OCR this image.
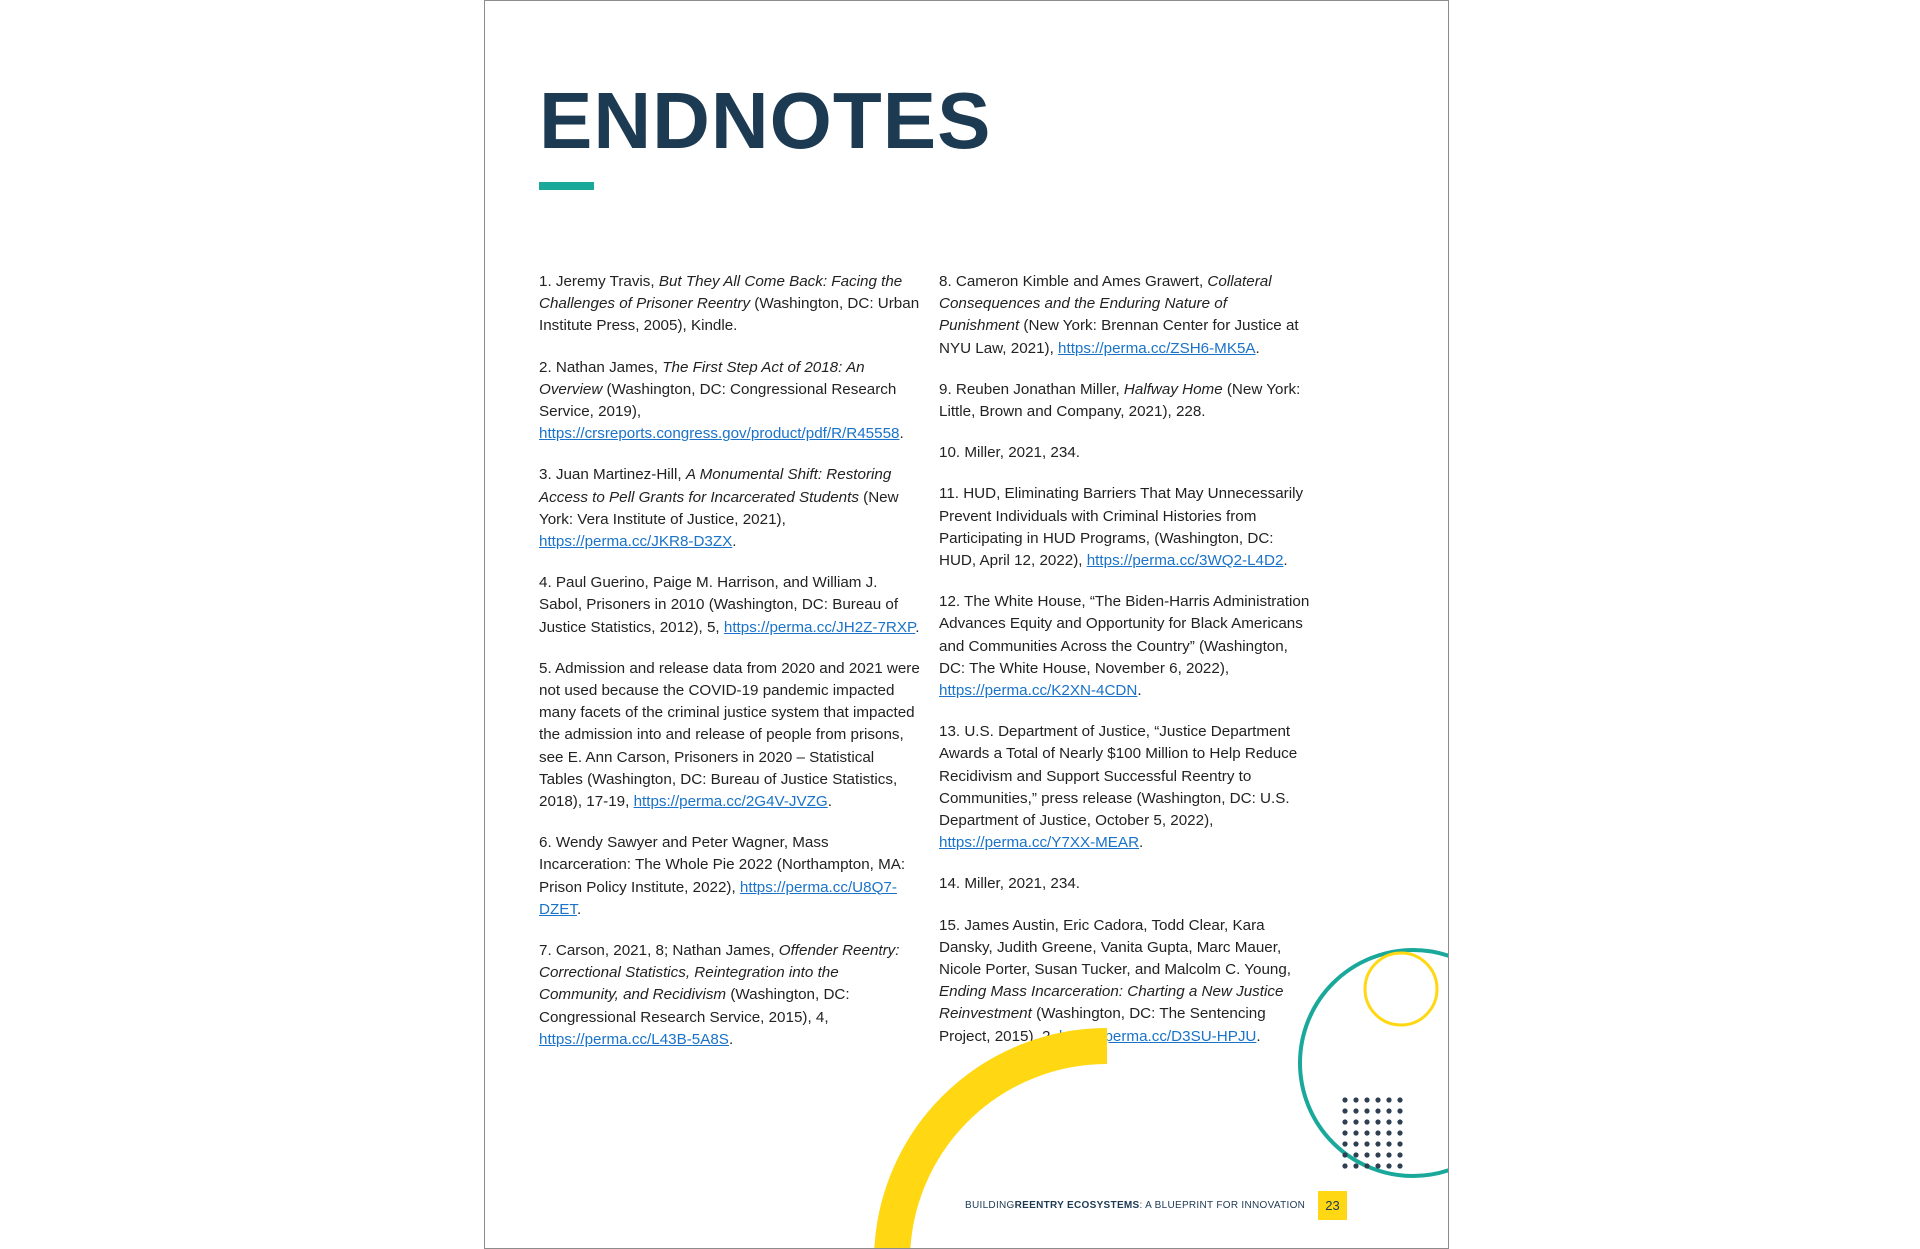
ENDNOTES

1. Jeremy Travis, But They All Come Back: Facing the Challenges of Prisoner Reentry (Washington, DC: Urban Institute Press, 2005), Kindle.

2. Nathan James, The First Step Act of 2018: An Overview (Washington, DC: Congressional Research Service, 2019), https://crsreports.congress.gov/product/pdf/R/R45558.

3. Juan Martinez-Hill, A Monumental Shift: Restoring Access to Pell Grants for Incarcerated Students (New York: Vera Institute of Justice, 2021), https://perma.cc/JKR8-D3ZX.

4. Paul Guerino, Paige M. Harrison, and William J. Sabol, Prisoners in 2010 (Washington, DC: Bureau of Justice Statistics, 2012), 5, https://perma.cc/JH2Z-7RXP.

5. Admission and release data from 2020 and 2021 were not used because the COVID-19 pandemic impacted many facets of the criminal justice system that impacted the admission into and release of people from prisons, see E. Ann Carson, Prisoners in 2020 – Statistical Tables (Washington, DC: Bureau of Justice Statistics, 2018), 17-19, https://perma.cc/2G4V-JVZG.

6. Wendy Sawyer and Peter Wagner, Mass Incarceration: The Whole Pie 2022 (Northampton, MA: Prison Policy Institute, 2022), https://perma.cc/U8Q7-DZET.

7. Carson, 2021, 8; Nathan James, Offender Reentry: Correctional Statistics, Reintegration into the Community, and Recidivism (Washington, DC: Congressional Research Service, 2015), 4, https://perma.cc/L43B-5A8S.

8. Cameron Kimble and Ames Grawert, Collateral Consequences and the Enduring Nature of Punishment (New York: Brennan Center for Justice at NYU Law, 2021), https://perma.cc/ZSH6-MK5A.

9. Reuben Jonathan Miller, Halfway Home (New York: Little, Brown and Company, 2021), 228.

10. Miller, 2021, 234.

11. HUD, Eliminating Barriers That May Unnecessarily Prevent Individuals with Criminal Histories from Participating in HUD Programs, (Washington, DC: HUD, April 12, 2022), https://perma.cc/3WQ2-L4D2.

12. The White House, “The Biden-Harris Administration Advances Equity and Opportunity for Black Americans and Communities Across the Country” (Washington, DC: The White House, November 6, 2022), https://perma.cc/K2XN-4CDN.

13. U.S. Department of Justice, “Justice Department Awards a Total of Nearly $100 Million to Help Reduce Recidivism and Support Successful Reentry to Communities,” press release (Washington, DC: U.S. Department of Justice, October 5, 2022), https://perma.cc/Y7XX-MEAR.

14. Miller, 2021, 234.

15. James Austin, Eric Cadora, Todd Clear, Kara Dansky, Judith Greene, Vanita Gupta, Marc Mauer, Nicole Porter, Susan Tucker, and Malcolm C. Young, Ending Mass Incarceration: Charting a New Justice Reinvestment (Washington, DC: The Sentencing Project, 2015), 2, https://perma.cc/D3SU-HPJU.

BUILDING REENTRY ECOSYSTEMS : A BLUEPRINT FOR INNOVATION	23
